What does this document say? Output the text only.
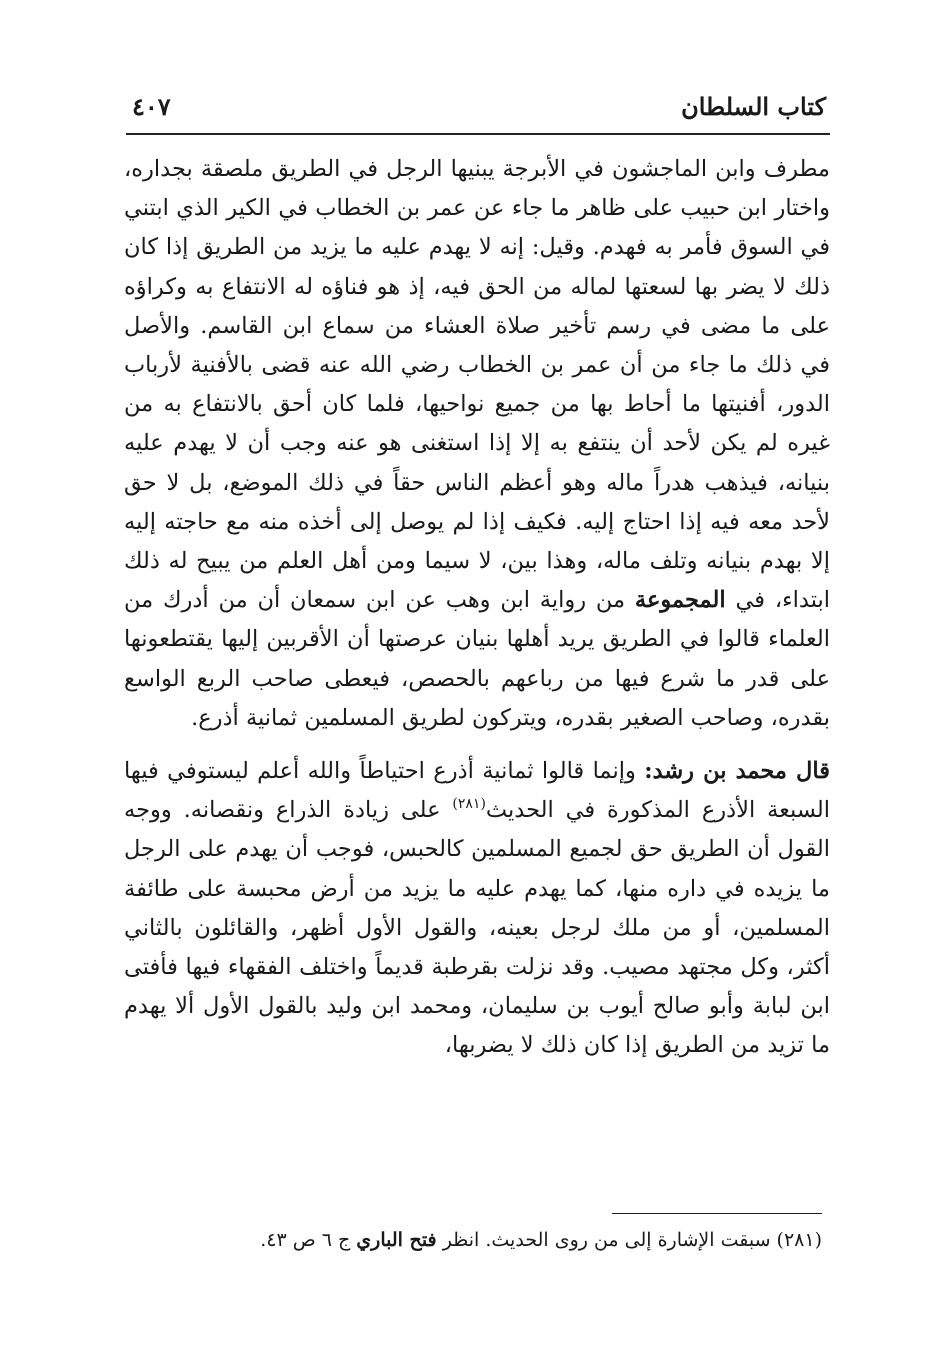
كتاب السلطان
٤٠٧

مطرف وابن الماجشون في الأبرجة يبنيها الرجل في الطريق ملصقة بجداره، واختار ابن حبيب على ظاهر ما جاء عن عمر بن الخطاب في الكير الذي ابتني في السوق فأمر به فهدم. وقيل: إنه لا يهدم عليه ما يزيد من الطريق إذا كان ذلك لا يضر بها لسعتها لماله من الحق فيه، إذ هو فناؤه له الانتفاع به وكراؤه على ما مضى في رسم تأخير صلاة العشاء من سماع ابن القاسم. والأصل في ذلك ما جاء من أن عمر بن الخطاب رضي الله عنه قضى بالأفنية لأرباب الدور، أفنيتها ما أحاط بها من جميع نواحيها، فلما كان أحق بالانتفاع به من غيره لم يكن لأحد أن ينتفع به إلا إذا استغنى هو عنه وجب أن لا يهدم عليه بنيانه، فيذهب هدراً ماله وهو أعظم الناس حقاً في ذلك الموضع، بل لا حق لأحد معه فيه إذا احتاج إليه. فكيف إذا لم يوصل إلى أخذه منه مع حاجته إليه إلا بهدم بنيانه وتلف ماله، وهذا بين، لا سيما ومن أهل العلم من يبيح له ذلك ابتداء، في المجموعة من رواية ابن وهب عن ابن سمعان أن من أدرك من العلماء قالوا في الطريق يريد أهلها بنيان عرصتها أن الأقربين إليها يقتطعونها على قدر ما شرع فيها من رباعهم بالحصص، فيعطى صاحب الربع الواسع بقدره، وصاحب الصغير بقدره، ويتركون لطريق المسلمين ثمانية أذرع.

قال محمد بن رشد: وإنما قالوا ثمانية أذرع احتياطاً والله أعلم ليستوفي فيها السبعة الأذرع المذكورة في الحديث$^{(٢٨١)}$ على زيادة الذراع ونقصانه. ووجه القول أن الطريق حق لجميع المسلمين كالحبس، فوجب أن يهدم على الرجل ما يزيده في داره منها، كما يهدم عليه ما يزيد من أرض محبسة على طائفة المسلمين، أو من ملك لرجل بعينه، والقول الأول أظهر، والقائلون بالثاني أكثر، وكل مجتهد مصيب. وقد نزلت بقرطبة قديماً واختلف الفقهاء فيها فأفتى ابن لبابة وأبو صالح أيوب بن سليمان، ومحمد ابن وليد بالقول الأول ألا يهدم ما تزيد من الطريق إذا كان ذلك لا يضربها،

(٢٨١) سبقت الإشارة إلى من روى الحديث. انظر فتح الباري ج ٦ ص ٤٣.
